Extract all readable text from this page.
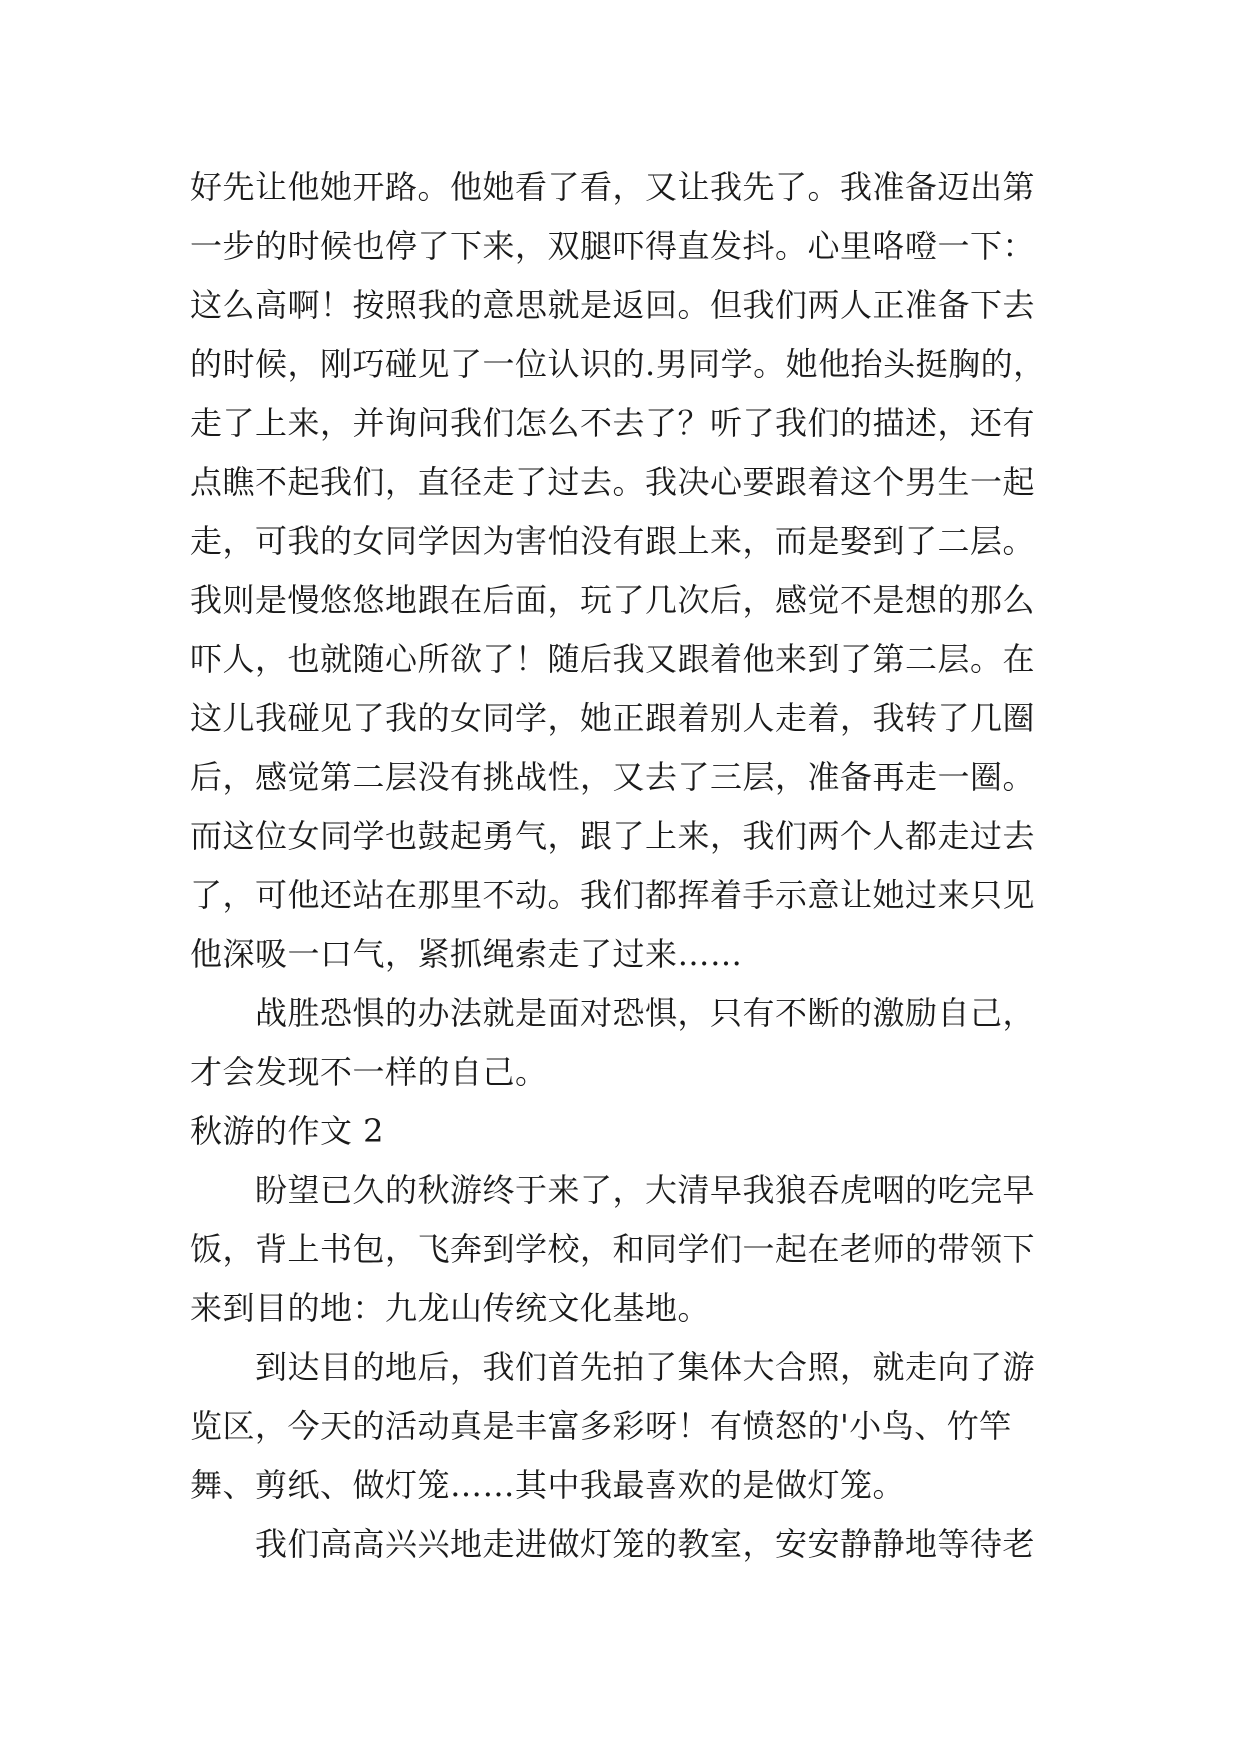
好先让他她开路。他她看了看，又让我先了。我准备迈出第
一步的时候也停了下来，双腿吓得直发抖。心里咯噔一下：
这么高啊！按照我的意思就是返回。但我们两人正准备下去
的时候，刚巧碰见了一位认识的.男同学。她他抬头挺胸的，
走了上来，并询问我们怎么不去了？听了我们的描述，还有
点瞧不起我们，直径走了过去。我决心要跟着这个男生一起
走，可我的女同学因为害怕没有跟上来，而是娶到了二层。
我则是慢悠悠地跟在后面，玩了几次后，感觉不是想的那么
吓人，也就随心所欲了！随后我又跟着他来到了第二层。在
这儿我碰见了我的女同学，她正跟着别人走着，我转了几圈
后，感觉第二层没有挑战性，又去了三层，准备再走一圈。
而这位女同学也鼓起勇气，跟了上来，我们两个人都走过去
了，可他还站在那里不动。我们都挥着手示意让她过来只见
他深吸一口气，紧抓绳索走了过来……
战胜恐惧的办法就是面对恐惧，只有不断的激励自己，
才会发现不一样的自己。
秋游的作文 2
盼望已久的秋游终于来了，大清早我狼吞虎咽的吃完早
饭，背上书包，飞奔到学校，和同学们一起在老师的带领下
来到目的地：九龙山传统文化基地。
到达目的地后，我们首先拍了集体大合照，就走向了游
览区，今天的活动真是丰富多彩呀！有愤怒的'小鸟、竹竿
舞、剪纸、做灯笼……其中我最喜欢的是做灯笼。
我们高高兴兴地走进做灯笼的教室，安安静静地等待老
